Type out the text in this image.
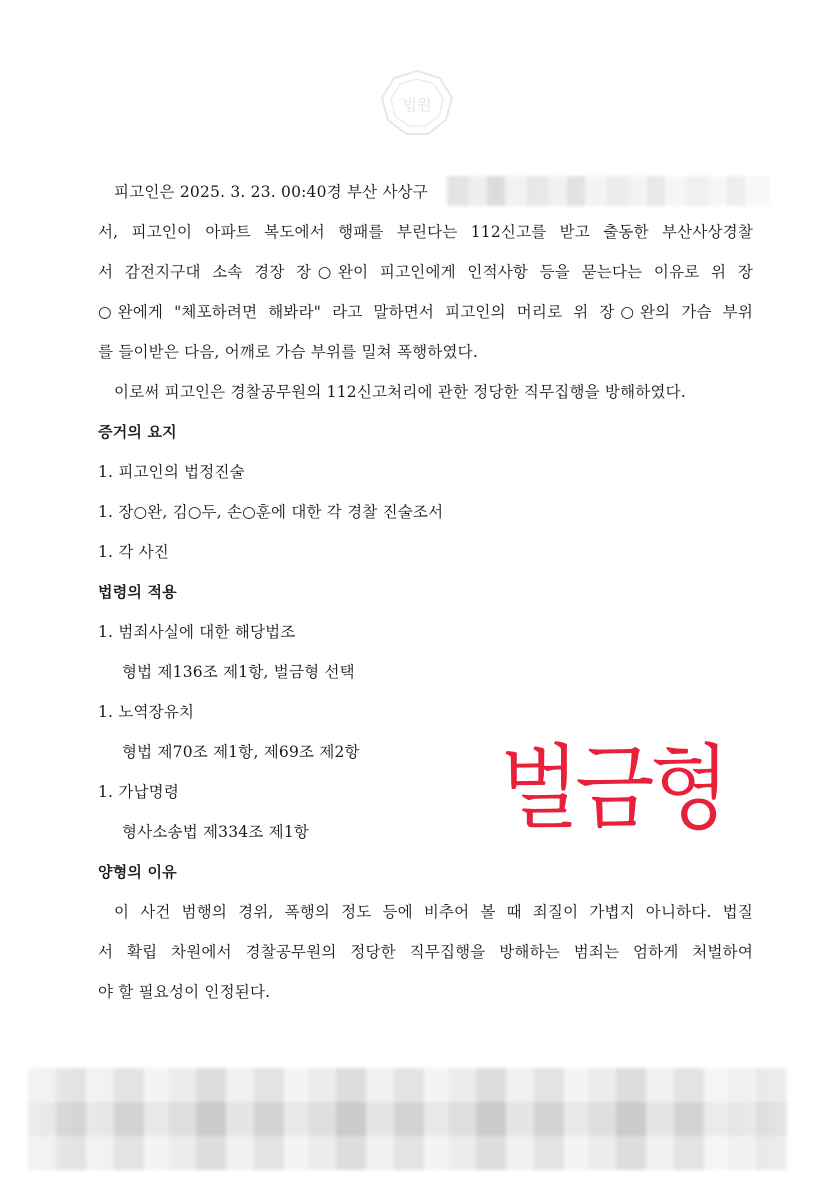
법원
피고인은 2025. 3. 23. 00:40경 부산 사상구
서, 피고인이 아파트 복도에서 행패를 부린다는 112신고를 받고 출동한 부산사상경찰
서 감전지구대 소속 경장 장○완이 피고인에게 인적사항 등을 묻는다는 이유로 위 장
○완에게 "체포하려면 해봐라" 라고 말하면서 피고인의 머리로 위 장○완의 가슴 부위
를 들이받은 다음, 어깨로 가슴 부위를 밀쳐 폭행하였다.
이로써 피고인은 경찰공무원의 112신고처리에 관한 정당한 직무집행을 방해하였다.
증거의 요지
1. 피고인의 법정진술
1. 장○완, 김○두, 손○훈에 대한 각 경찰 진술조서
1. 각 사진
법령의 적용
1. 범죄사실에 대한 해당법조
형법 제136조 제1항, 벌금형 선택
1. 노역장유치
형법 제70조 제1항, 제69조 제2항
1. 가납명령
형사소송법 제334조 제1항
양형의 이유
이 사건 범행의 경위, 폭행의 정도 등에 비추어 볼 때 죄질이 가볍지 아니하다. 법질
서 확립 차원에서 경찰공무원의 정당한 직무집행을 방해하는 범죄는 엄하게 처벌하여
야 할 필요성이 인정된다.
벌금형
